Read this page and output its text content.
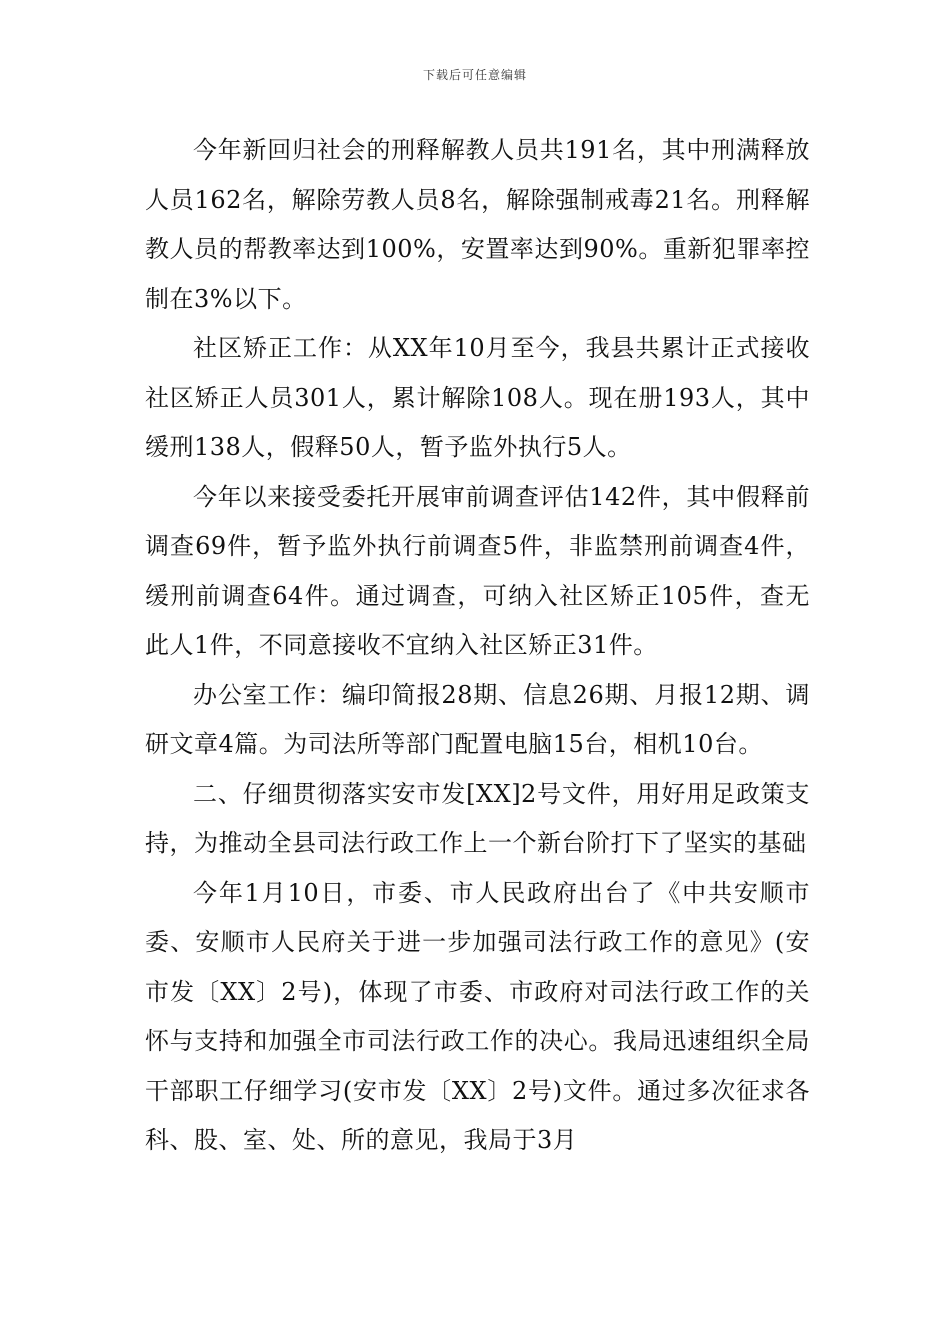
下载后可任意编辑

今年新回归社会的刑释解教人员共191名，其中刑满释放人员162名，解除劳教人员8名，解除强制戒毒21名。刑释解教人员的帮教率达到100%，安置率达到90%。重新犯罪率控制在3%以下。

社区矫正工作：从XX年10月至今，我县共累计正式接收社区矫正人员301人，累计解除108人。现在册193人，其中缓刑138人，假释50人，暂予监外执行5人。

今年以来接受委托开展审前调查评估142件，其中假释前调查69件，暂予监外执行前调查5件，非监禁刑前调查4件，缓刑前调查64件。通过调查，可纳入社区矫正105件，查无此人1件，不同意接收不宜纳入社区矫正31件。

办公室工作：编印简报28期、信息26期、月报12期、调研文章4篇。为司法所等部门配置电脑15台，相机10台。

二、仔细贯彻落实安市发[XX]2号文件，用好用足政策支持，为推动全县司法行政工作上一个新台阶打下了坚实的基础

今年1月10日，市委、市人民政府出台了《中共安顺市委、安顺市人民府关于进一步加强司法行政工作的意见》(安市发〔XX〕2号)，体现了市委、市政府对司法行政工作的关怀与支持和加强全市司法行政工作的决心。我局迅速组织全局干部职工仔细学习(安市发〔XX〕2号)文件。通过多次征求各科、股、室、处、所的意见，我局于3月
